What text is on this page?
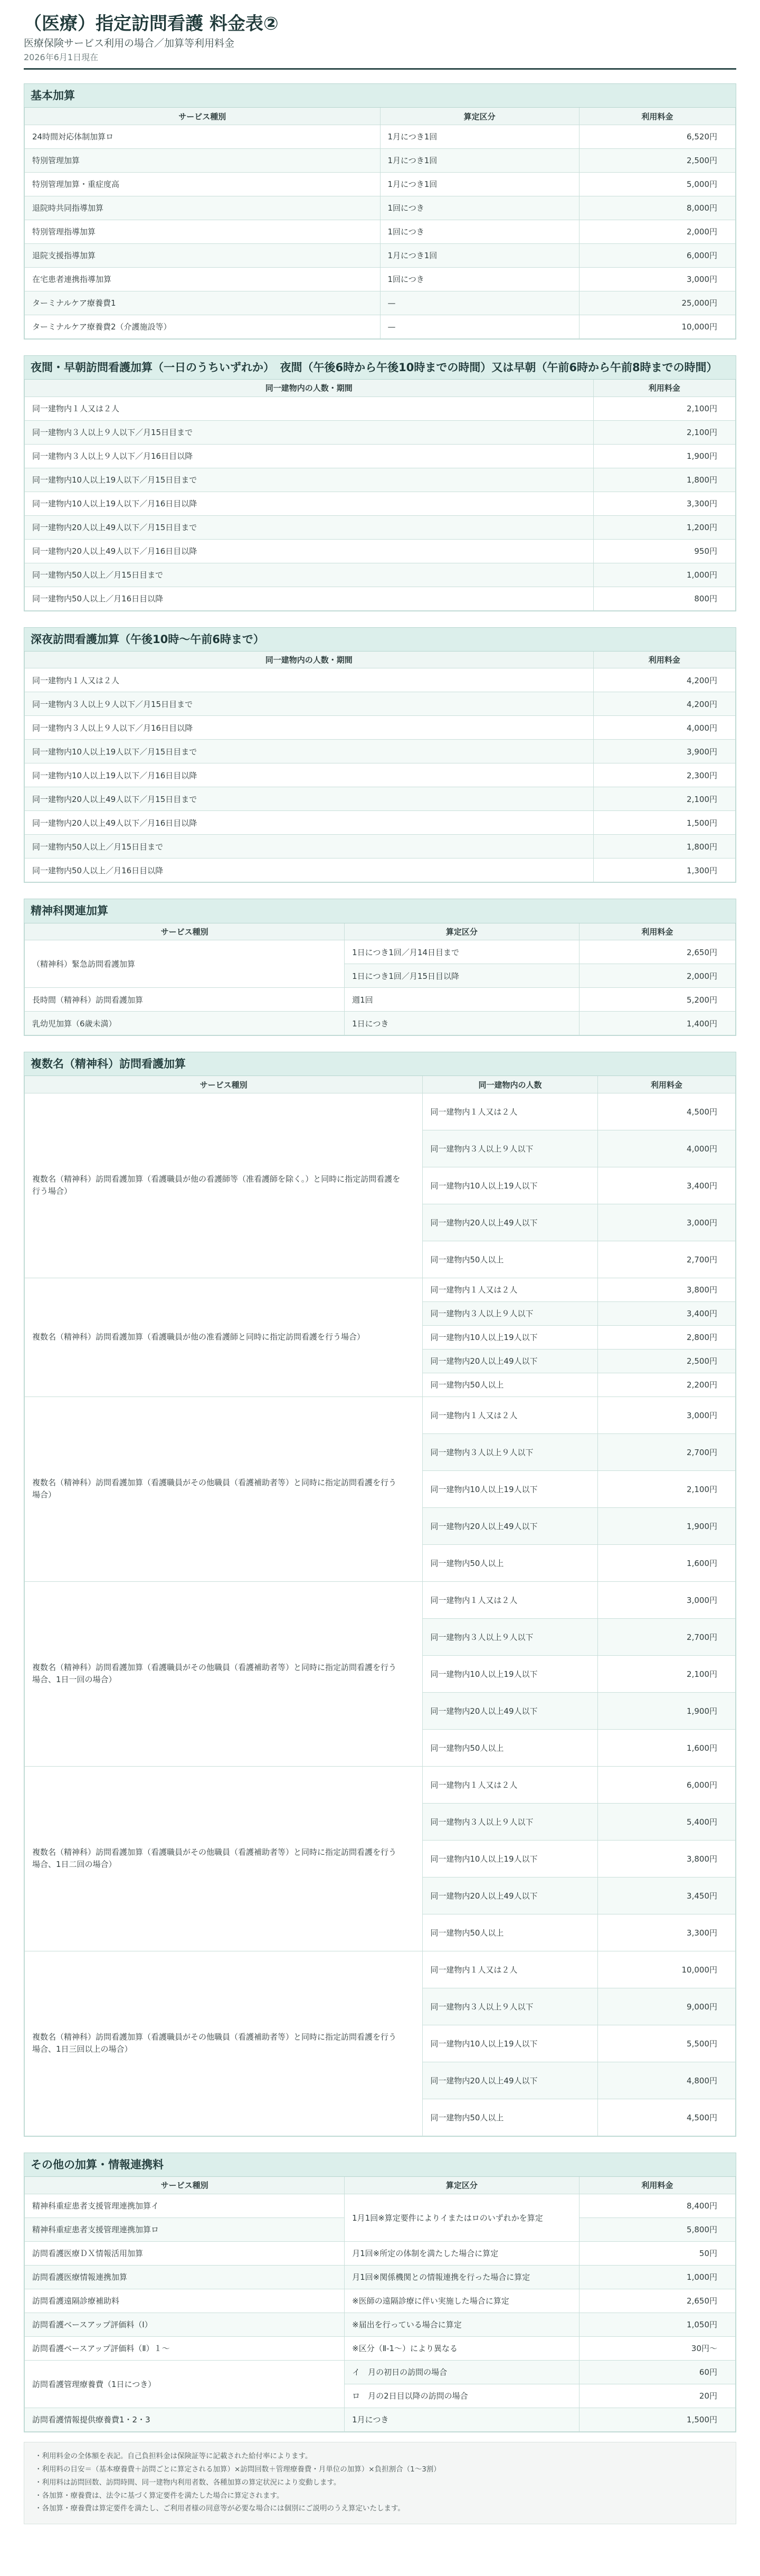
（医療）指定訪問看護 料金表②
医療保険サービス利用の場合／加算等利用料金
2026年6月1日現在
基本加算
サービス種別	算定区分	利用料金
24時間対応体制加算ロ	1月につき1回	6,520円
特別管理加算	1月につき1回	2,500円
特別管理加算・重症度高	1月につき1回	5,000円
退院時共同指導加算	1回につき	8,000円
特別管理指導加算	1回につき	2,000円
退院支援指導加算	1月につき1回	6,000円
在宅患者連携指導加算	1回につき	3,000円
ターミナルケア療養費1	—	25,000円
ターミナルケア療養費2（介護施設等）	—	10,000円
夜間・早朝訪問看護加算（一日のうちいずれか）　夜間（午後6時から午後10時までの時間）又は早朝（午前6時から午前8時までの時間）
同一建物内の人数・期間	利用料金
同一建物内１人又は２人	2,100円
同一建物内３人以上９人以下／月15日目まで	2,100円
同一建物内３人以上９人以下／月16日目以降	1,900円
同一建物内10人以上19人以下／月15日目まで	1,800円
同一建物内10人以上19人以下／月16日目以降	3,300円
同一建物内20人以上49人以下／月15日目まで	1,200円
同一建物内20人以上49人以下／月16日目以降	950円
同一建物内50人以上／月15日目まで	1,000円
同一建物内50人以上／月16日目以降	800円
深夜訪問看護加算（午後10時〜午前6時まで）
同一建物内の人数・期間	利用料金
同一建物内１人又は２人	4,200円
同一建物内３人以上９人以下／月15日目まで	4,200円
同一建物内３人以上９人以下／月16日目以降	4,000円
同一建物内10人以上19人以下／月15日目まで	3,900円
同一建物内10人以上19人以下／月16日目以降	2,300円
同一建物内20人以上49人以下／月15日目まで	2,100円
同一建物内20人以上49人以下／月16日目以降	1,500円
同一建物内50人以上／月15日目まで	1,800円
同一建物内50人以上／月16日目以降	1,300円
精神科関連加算
サービス種別	算定区分	利用料金
（精神科）緊急訪問看護加算	1日につき1回／月14日目まで	2,650円
	1日につき1回／月15日目以降	2,000円
長時間（精神科）訪問看護加算	週1回	5,200円
乳幼児加算（6歳未満）	1日につき	1,400円
複数名（精神科）訪問看護加算
サービス種別	同一建物内の人数	利用料金
複数名（精神科）訪問看護加算（看護職員が他の看護師等（准看護師を除く。）と同時に指定訪問看護を行う場合）	同一建物内１人又は２人	4,500円
	同一建物内３人以上９人以下	4,000円
	同一建物内10人以上19人以下	3,400円
	同一建物内20人以上49人以下	3,000円
	同一建物内50人以上	2,700円
複数名（精神科）訪問看護加算（看護職員が他の准看護師と同時に指定訪問看護を行う場合）	同一建物内１人又は２人	3,800円
	同一建物内３人以上９人以下	3,400円
	同一建物内10人以上19人以下	2,800円
	同一建物内20人以上49人以下	2,500円
	同一建物内50人以上	2,200円
複数名（精神科）訪問看護加算（看護職員がその他職員（看護補助者等）と同時に指定訪問看護を行う場合）	同一建物内１人又は２人	3,000円
	同一建物内３人以上９人以下	2,700円
	同一建物内10人以上19人以下	2,100円
	同一建物内20人以上49人以下	1,900円
	同一建物内50人以上	1,600円
複数名（精神科）訪問看護加算（看護職員がその他職員（看護補助者等）と同時に指定訪問看護を行う場合、1日一回の場合）	同一建物内１人又は２人	3,000円
	同一建物内３人以上９人以下	2,700円
	同一建物内10人以上19人以下	2,100円
	同一建物内20人以上49人以下	1,900円
	同一建物内50人以上	1,600円
複数名（精神科）訪問看護加算（看護職員がその他職員（看護補助者等）と同時に指定訪問看護を行う場合、1日二回の場合）	同一建物内１人又は２人	6,000円
	同一建物内３人以上９人以下	5,400円
	同一建物内10人以上19人以下	3,800円
	同一建物内20人以上49人以下	3,450円
	同一建物内50人以上	3,300円
複数名（精神科）訪問看護加算（看護職員がその他職員（看護補助者等）と同時に指定訪問看護を行う場合、1日三回以上の場合）	同一建物内１人又は２人	10,000円
	同一建物内３人以上９人以下	9,000円
	同一建物内10人以上19人以下	5,500円
	同一建物内20人以上49人以下	4,800円
	同一建物内50人以上	4,500円
その他の加算・情報連携料
サービス種別	算定区分	利用料金
精神科重症患者支援管理連携加算イ	1月1回※算定要件によりイまたはロのいずれかを算定	8,400円
精神科重症患者支援管理連携加算ロ		5,800円
訪問看護医療ＤＸ情報活用加算	月1回※所定の体制を満たした場合に算定	50円
訪問看護医療情報連携加算	月1回※関係機関との情報連携を行った場合に算定	1,000円
訪問看護遠隔診療補助料	※医師の遠隔診療に伴い実施した場合に算定	2,650円
訪問看護ベースアップ評価料（Ⅰ）	※届出を行っている場合に算定	1,050円
訪問看護ベースアップ評価料（Ⅱ）１〜	※区分（Ⅱ-1〜）により異なる	30円〜
訪問看護管理療養費（1日につき）	イ　月の初日の訪問の場合	60円
	ロ　月の2日目以降の訪問の場合	20円
訪問看護情報提供療養費1・2・3	1月につき	1,500円
・利用料金の全体額を表記。自己負担料金は保険証等に記載された給付率によります。
・利用料の目安＝（基本療養費＋訪問ごとに算定される加算）×訪問回数＋管理療養費・月単位の加算）×負担割合（1〜3割）
・利用料は訪問回数、訪問時間、同一建物内利用者数、各種加算の算定状況により変動します。
・各加算・療養費は、法令に基づく算定要件を満たした場合に算定されます。
・各加算・療養費は算定要件を満たし、ご利用者様の同意等が必要な場合には個別にご説明のうえ算定いたします。
